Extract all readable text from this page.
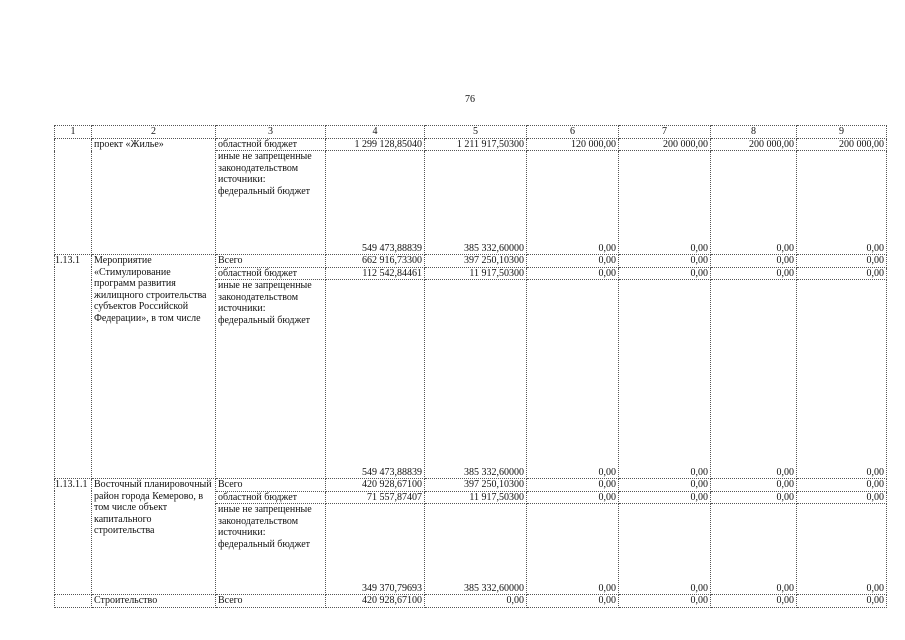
76
1	2	3	4	5	6	7	8	9
	проект «Жилье»	областной бюджет	1 299 128,85040	1 211 917,50300	120 000,00	200 000,00	200 000,00	200 000,00
		иные не запрещенные законодательством источники: федеральный бюджет	549 473,88839	385 332,60000	0,00	0,00	0,00	0,00
1.13.1	Мероприятие «Стимулирование программ развития жилищного строительства субъектов Российской Федерации», в том числе	Всего	662 916,73300	397 250,10300	0,00	0,00	0,00	0,00
		областной бюджет	112 542,84461	11 917,50300	0,00	0,00	0,00	0,00
		иные не запрещенные законодательством источники: федеральный бюджет	549 473,88839	385 332,60000	0,00	0,00	0,00	0,00
1.13.1.1	Восточный планировочный район города Кемерово, в том числе объект капитального строительства	Всего	420 928,67100	397 250,10300	0,00	0,00	0,00	0,00
		областной бюджет	71 557,87407	11 917,50300	0,00	0,00	0,00	0,00
		иные не запрещенные законодательством источники: федеральный бюджет	349 370,79693	385 332,60000	0,00	0,00	0,00	0,00
	Строительство	Всего	420 928,67100	0,00	0,00	0,00	0,00	0,00
